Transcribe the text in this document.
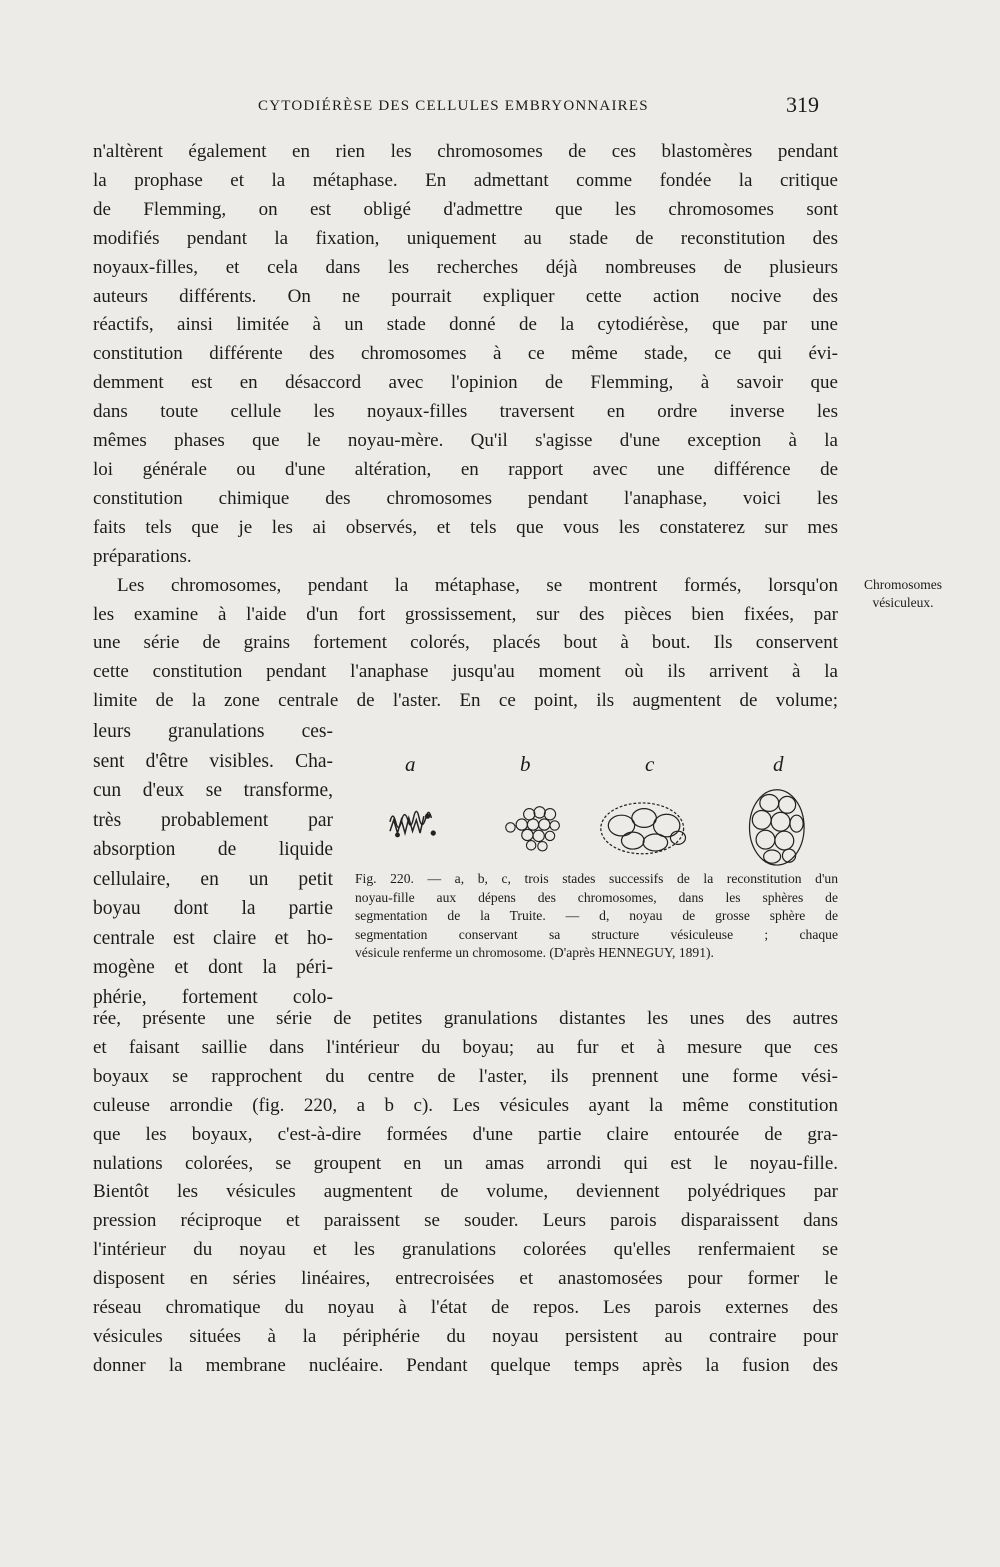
CYTODIÉRÈSE DES CELLULES EMBRYONNAIRES	319
n'altèrent également en rien les chromosomes de ces blastomères pendant
la prophase et la métaphase. En admettant comme fondée la critique
de Flemming, on est obligé d'admettre que les chromosomes sont
modifiés pendant la fixation, uniquement au stade de reconstitution des
noyaux-filles, et cela dans les recherches déjà nombreuses de plusieurs
auteurs différents. On ne pourrait expliquer cette action nocive des
réactifs, ainsi limitée à un stade donné de la cytodiérèse, que par une
constitution différente des chromosomes à ce même stade, ce qui évi-
demment est en désaccord avec l'opinion de Flemming, à savoir que
dans toute cellule les noyaux-filles traversent en ordre inverse les
mêmes phases que le noyau-mère. Qu'il s'agisse d'une exception à la
loi générale ou d'une altération, en rapport avec une différence de
constitution chimique des chromosomes pendant l'anaphase, voici les
faits tels que je les ai observés, et tels que vous les constaterez sur mes
préparations.
Les chromosomes, pendant la métaphase, se montrent formés, lorsqu'on
les examine à l'aide d'un fort grossissement, sur des pièces bien fixées, par
une série de grains fortement colorés, placés bout à bout. Ils conservent
cette constitution pendant l'anaphase jusqu'au moment où ils arrivent à la
limite de la zone centrale de l'aster. En ce point, ils augmentent de volume;
Chromosomes
vésiculeux.
leurs granulations ces-
sent d'être visibles. Cha-
cun d'eux se transforme,
très probablement par
absorption de liquide
cellulaire, en un petit
boyau dont la partie
centrale est claire et ho-
mogène et dont la péri-
phérie, fortement colo-
a	b	c	d
Fig. 220. — a, b, c, trois stades successifs de la reconstitution d'un
noyau-fille aux dépens des chromosomes, dans les sphères de
segmentation de la Truite. — d, noyau de grosse sphère de
segmentation conservant sa structure vésiculeuse ; chaque
vésicule renferme un chromosome. (D'après HENNEGUY, 1891).
rée, présente une série de petites granulations distantes les unes des autres
et faisant saillie dans l'intérieur du boyau; au fur et à mesure que ces
boyaux se rapprochent du centre de l'aster, ils prennent une forme vési-
culeuse arrondie (fig. 220, a b c). Les vésicules ayant la même constitution
que les boyaux, c'est-à-dire formées d'une partie claire entourée de gra-
nulations colorées, se groupent en un amas arrondi qui est le noyau-fille.
Bientôt les vésicules augmentent de volume, deviennent polyédriques par
pression réciproque et paraissent se souder. Leurs parois disparaissent dans
l'intérieur du noyau et les granulations colorées qu'elles renfermaient se
disposent en séries linéaires, entrecroisées et anastomosées pour former le
réseau chromatique du noyau à l'état de repos. Les parois externes des
vésicules situées à la périphérie du noyau persistent au contraire pour
donner la membrane nucléaire. Pendant quelque temps après la fusion des
